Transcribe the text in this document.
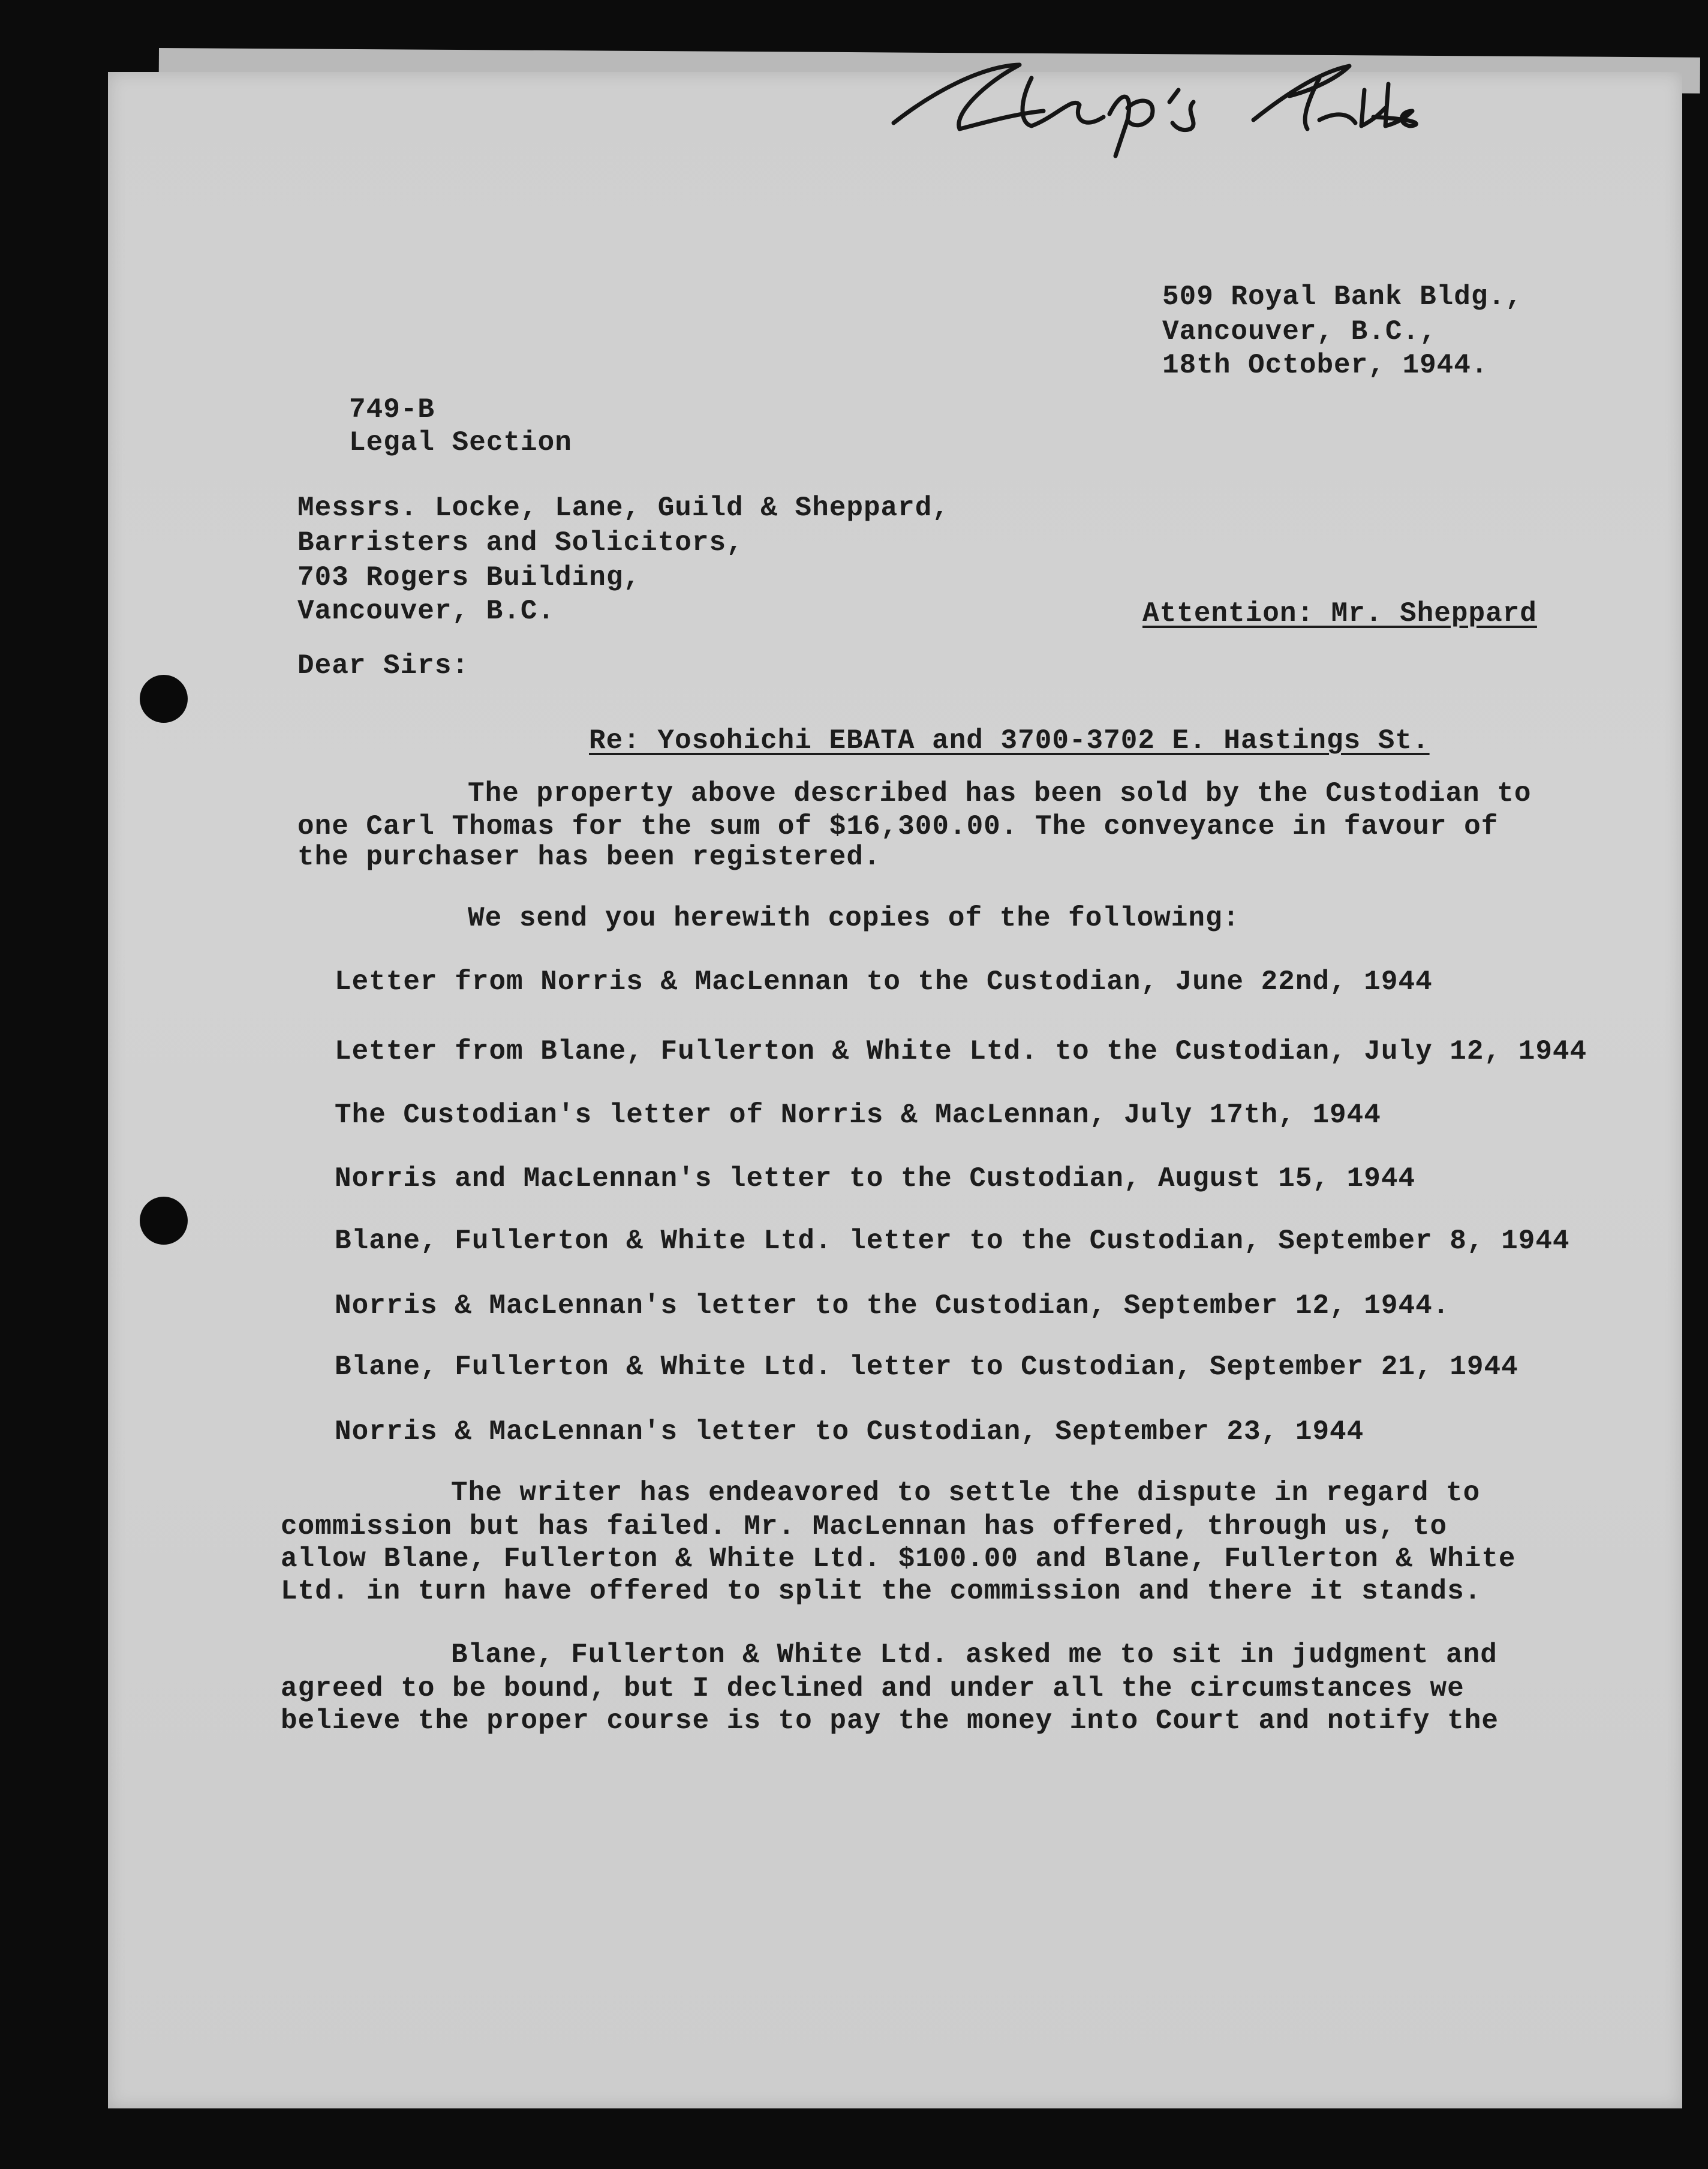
509 Royal Bank Bldg.,
Vancouver, B.C.,
18th October, 1944.
749-B
Legal Section
Messrs. Locke, Lane, Guild & Sheppard,
Barristers and Solicitors,
703 Rogers Building,
Vancouver, B.C.	Attention: Mr. Sheppard
Dear Sirs:
Re: Yosohichi EBATA and 3700-3702 E. Hastings St.
The property above described has been sold by the Custodian to
one Carl Thomas for the sum of $16,300.00. The conveyance in favour of
the purchaser has been registered.
We send you herewith copies of the following:
Letter from Norris & MacLennan to the Custodian, June 22nd, 1944
Letter from Blane, Fullerton & White Ltd. to the Custodian, July 12, 1944
The Custodian's letter of Norris & MacLennan, July 17th, 1944
Norris and MacLennan's letter to the Custodian, August 15, 1944
Blane, Fullerton & White Ltd. letter to the Custodian, September 8, 1944
Norris & MacLennan's letter to the Custodian, September 12, 1944.
Blane, Fullerton & White Ltd. letter to Custodian, September 21, 1944
Norris & MacLennan's letter to Custodian, September 23, 1944
The writer has endeavored to settle the dispute in regard to
commission but has failed. Mr. MacLennan has offered, through us, to
allow Blane, Fullerton & White Ltd. $100.00 and Blane, Fullerton & White
Ltd. in turn have offered to split the commission and there it stands.
Blane, Fullerton & White Ltd. asked me to sit in judgment and
agreed to be bound, but I declined and under all the circumstances we
believe the proper course is to pay the money into Court and notify the
